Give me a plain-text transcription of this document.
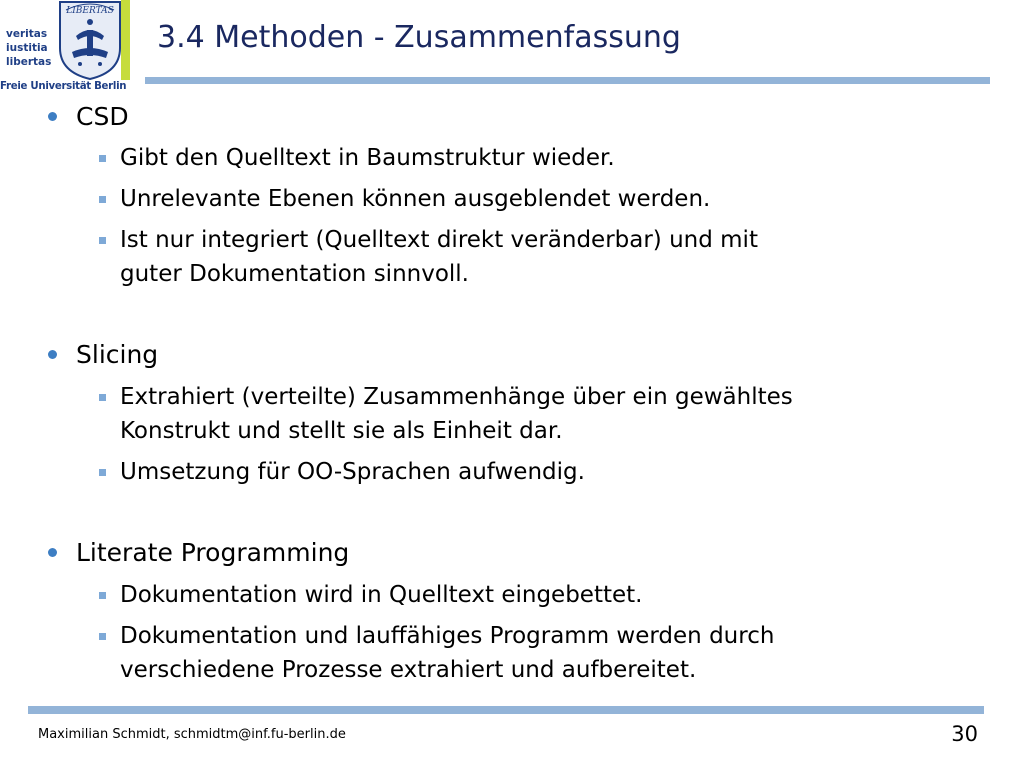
veritas
iustitia
libertas
LIBERTAS
Freie Universität Berlin
3.4 Methoden - Zusammenfassung
CSD
Gibt den Quelltext in Baumstruktur wieder.
Unrelevante Ebenen können ausgeblendet werden.
Ist nur integriert (Quelltext direkt veränderbar) und mit
guter Dokumentation sinnvoll.
Slicing
Extrahiert (verteilte) Zusammenhänge über ein gewähltes
Konstrukt und stellt sie als Einheit dar.
Umsetzung für OO-Sprachen aufwendig.
Literate Programming
Dokumentation wird in Quelltext eingebettet.
Dokumentation und lauffähiges Programm werden durch
verschiedene Prozesse extrahiert und aufbereitet.
Maximilian Schmidt, schmidtm@inf.fu-berlin.de	30
